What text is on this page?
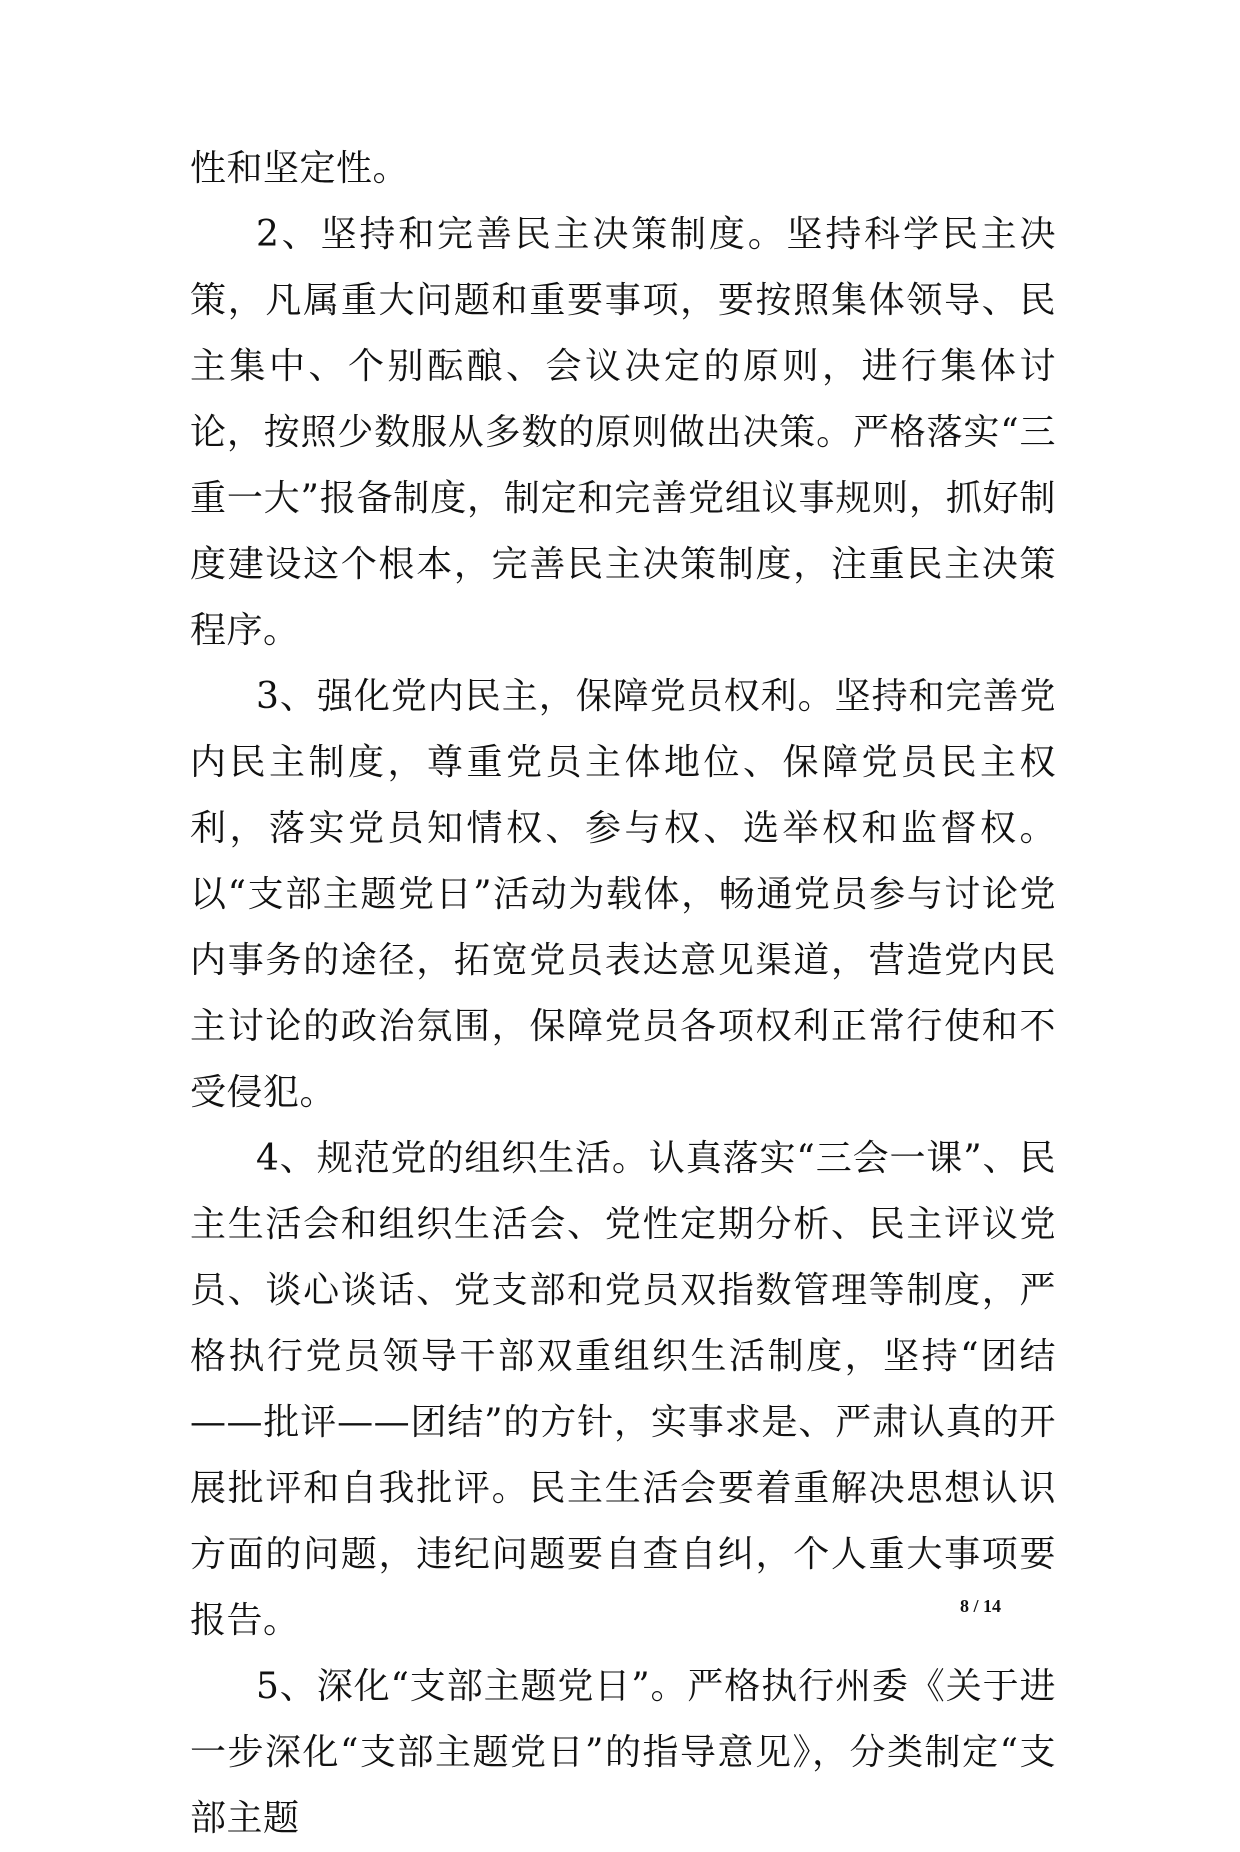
性和坚定性。

2、坚持和完善民主决策制度。坚持科学民主决策，凡属重大问题和重要事项，要按照集体领导、民主集中、个别酝酿、会议决定的原则，进行集体讨论，按照少数服从多数的原则做出决策。严格落实“三重一大”报备制度，制定和完善党组议事规则，抓好制度建设这个根本，完善民主决策制度，注重民主决策程序。

3、强化党内民主，保障党员权利。坚持和完善党内民主制度，尊重党员主体地位、保障党员民主权利，落实党员知情权、参与权、选举权和监督权。以“支部主题党日”活动为载体，畅通党员参与讨论党内事务的途径，拓宽党员表达意见渠道，营造党内民主讨论的政治氛围，保障党员各项权利正常行使和不受侵犯。

4、规范党的组织生活。认真落实“三会一课”、民主生活会和组织生活会、党性定期分析、民主评议党员、谈心谈话、党支部和党员双指数管理等制度，严格执行党员领导干部双重组织生活制度，坚持“团结——批评——团结”的方针，实事求是、严肃认真的开展批评和自我批评。民主生活会要着重解决思想认识方面的问题，违纪问题要自查自纠，个人重大事项要报告。

5、深化“支部主题党日”。严格执行州委《关于进一步深化“支部主题党日”的指导意见》，分类制定“支部主题

8 / 14
